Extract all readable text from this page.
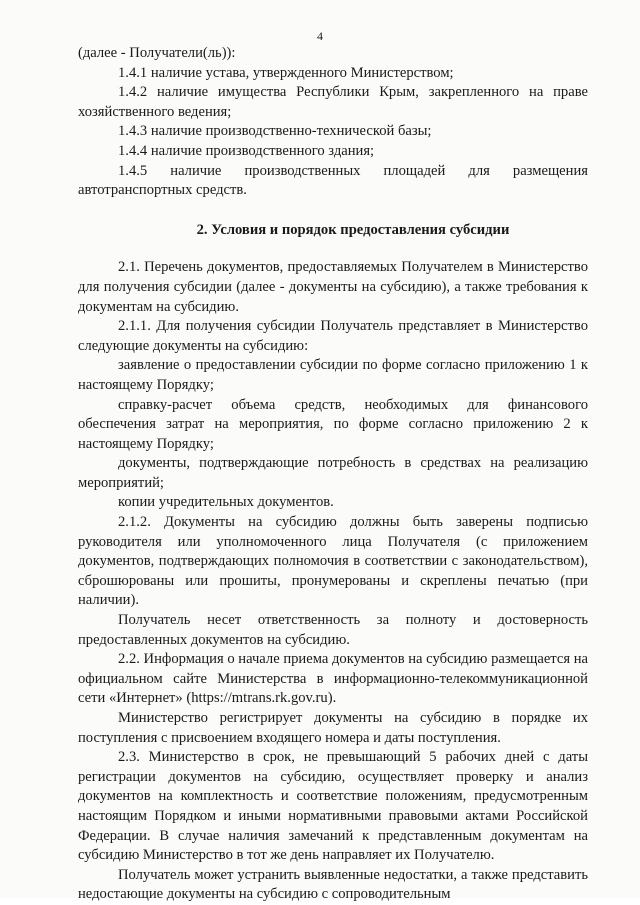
4

(далее - Получатели(ль)):

1.4.1 наличие устава, утвержденного Министерством;

1.4.2 наличие имущества Республики Крым, закрепленного на праве хозяйственного ведения;

1.4.3 наличие производственно-технической базы;

1.4.4 наличие производственного здания;

1.4.5 наличие производственных площадей для размещения автотранспортных средств.

2. Условия и порядок предоставления субсидии

2.1. Перечень документов, предоставляемых Получателем в Министерство для получения субсидии (далее - документы на субсидию), а также требования к документам на субсидию.

2.1.1. Для получения субсидии Получатель представляет в Министерство следующие документы на субсидию:

заявление о предоставлении субсидии по форме согласно приложению 1 к настоящему Порядку;

справку-расчет объема средств, необходимых для финансового обеспечения затрат на мероприятия, по форме согласно приложению 2 к настоящему Порядку;

документы, подтверждающие потребность в средствах на реализацию мероприятий;

копии учредительных документов.

2.1.2. Документы на субсидию должны быть заверены подписью руководителя или уполномоченного лица Получателя (с приложением документов, подтверждающих полномочия в соответствии с законодательством), сброшюрованы или прошиты, пронумерованы и скреплены печатью (при наличии).

Получатель несет ответственность за полноту и достоверность предоставленных документов на субсидию.

2.2. Информация о начале приема документов на субсидию размещается на официальном сайте Министерства в информационно-телекоммуникационной сети «Интернет» (https://mtrans.rk.gov.ru).

Министерство регистрирует документы на субсидию в порядке их поступления с присвоением входящего номера и даты поступления.

2.3. Министерство в срок, не превышающий 5 рабочих дней с даты регистрации документов на субсидию, осуществляет проверку и анализ документов на комплектность и соответствие положениям, предусмотренным настоящим Порядком и иными нормативными правовыми актами Российской Федерации. В случае наличия замечаний к представленным документам на субсидию Министерство в тот же день направляет их Получателю.

Получатель может устранить выявленные недостатки, а также представить недостающие документы на субсидию с сопроводительным
